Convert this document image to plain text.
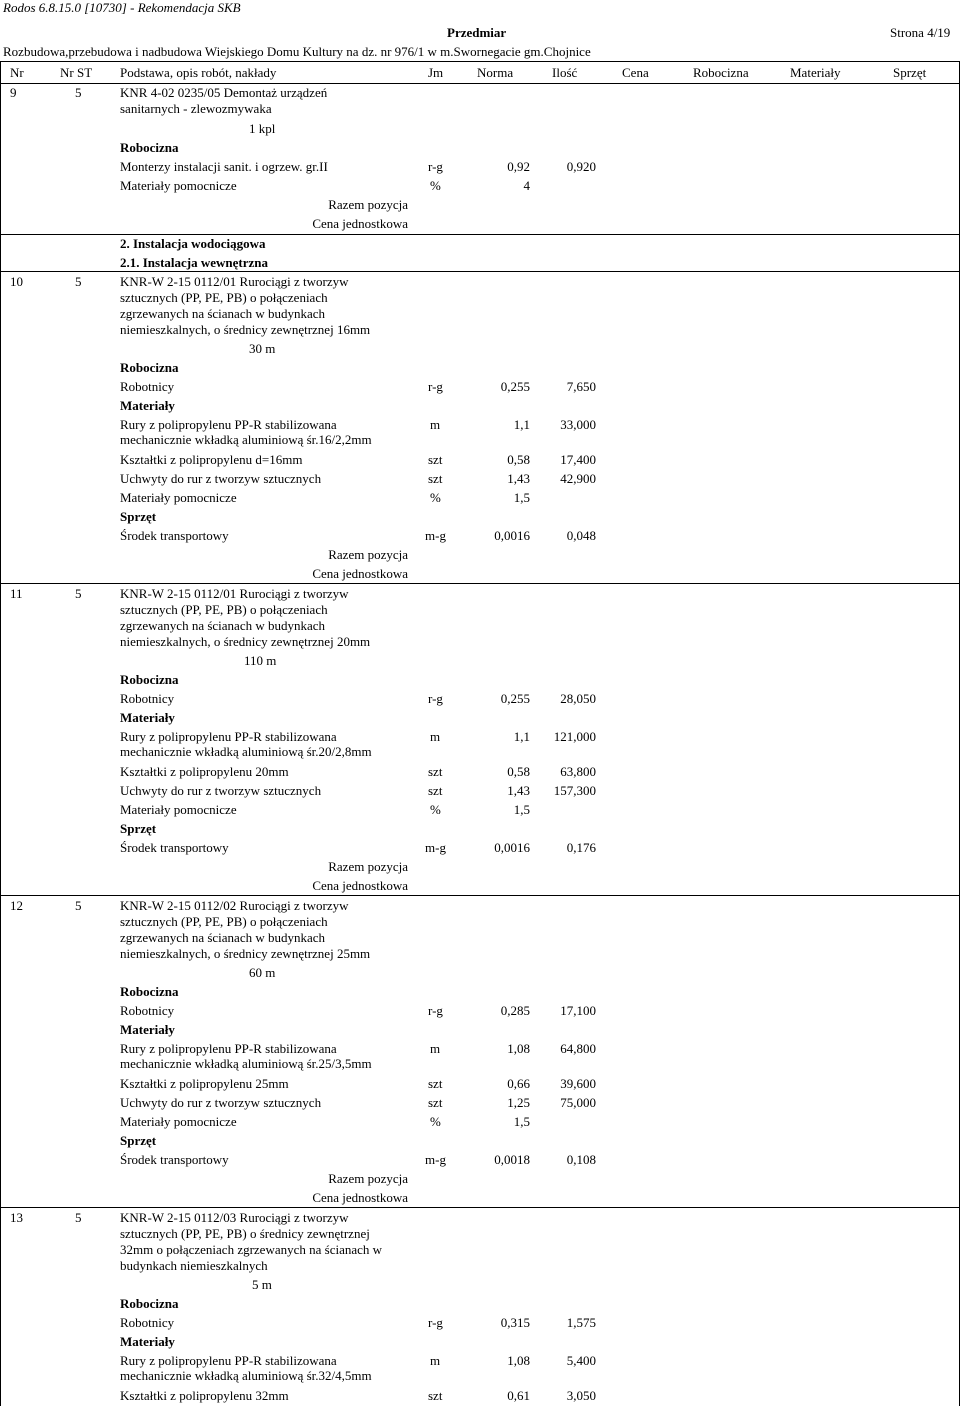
Rodos 6.8.15.0 [10730] - Rekomendacja SKB
Przedmiar	Strona 4/19
Rozbudowa,przebudowa i nadbudowa Wiejskiego Domu Kultury na dz. nr 976/1 w m.Swornegacie gm.Chojnice
Nr	Nr ST Podstawa, opis robót, nakłady	Jm	Norma	Ilość	Cena	Robocizna	Materiały	Sprzęt
9	5	KNR 4-02 0235/05 Demontaż urządzeń
sanitarnych - zlewozmywaka
1 kpl
Robocizna
Monterzy instalacji sanit. i ogrzew. gr.II	r-g	0,92	0,920
Materiały pomocnicze	%	4
Razem pozycja
Cena jednostkowa
2. Instalacja wodociągowa
2.1. Instalacja wewnętrzna
10	5	KNR-W 2-15 0112/01 Rurociągi z tworzyw
sztucznych (PP, PE, PB) o połączeniach
zgrzewanych na ścianach w budynkach
niemieszkalnych, o średnicy zewnętrznej 16mm
30 m
Robocizna
Robotnicy	r-g	0,255	7,650
Materiały
Rury z polipropylenu PP-R stabilizowana
mechanicznie wkładką aluminiową śr.16/2,2mm
m	1,1	33,000
Kształtki z polipropylenu d=16mm	szt	0,58	17,400
Uchwyty do rur z tworzyw sztucznych	szt	1,43	42,900
Materiały pomocnicze	%	1,5
Sprzęt
Środek transportowy	m-g	0,0016	0,048
Razem pozycja
Cena jednostkowa
11	5	KNR-W 2-15 0112/01 Rurociągi z tworzyw
sztucznych (PP, PE, PB) o połączeniach
zgrzewanych na ścianach w budynkach
niemieszkalnych, o średnicy zewnętrznej 20mm
110 m
Robocizna
Robotnicy	r-g	0,255	28,050
Materiały
Rury z polipropylenu PP-R stabilizowana
mechanicznie wkładką aluminiową śr.20/2,8mm
m	1,1	121,000
Kształtki z polipropylenu 20mm	szt	0,58	63,800
Uchwyty do rur z tworzyw sztucznych	szt	1,43	157,300
Materiały pomocnicze	%	1,5
Sprzęt
Środek transportowy	m-g	0,0016	0,176
Razem pozycja
Cena jednostkowa
12	5	KNR-W 2-15 0112/02 Rurociągi z tworzyw
sztucznych (PP, PE, PB) o połączeniach
zgrzewanych na ścianach w budynkach
niemieszkalnych, o średnicy zewnętrznej 25mm
60 m
Robocizna
Robotnicy	r-g	0,285	17,100
Materiały
Rury z polipropylenu PP-R stabilizowana
mechanicznie wkładką aluminiową śr.25/3,5mm
m	1,08	64,800
Kształtki z polipropylenu 25mm	szt	0,66	39,600
Uchwyty do rur z tworzyw sztucznych	szt	1,25	75,000
Materiały pomocnicze	%	1,5
Sprzęt
Środek transportowy	m-g	0,0018	0,108
Razem pozycja
Cena jednostkowa
13	5	KNR-W 2-15 0112/03 Rurociągi z tworzyw
sztucznych (PP, PE, PB) o średnicy zewnętrznej
32mm o połączeniach zgrzewanych na ścianach w
budynkach niemieszkalnych
5 m
Robocizna
Robotnicy	r-g	0,315	1,575
Materiały
Rury z polipropylenu PP-R stabilizowana
mechanicznie wkładką aluminiową śr.32/4,5mm
m	1,08	5,400
Kształtki z polipropylenu 32mm	szt	0,61	3,050
